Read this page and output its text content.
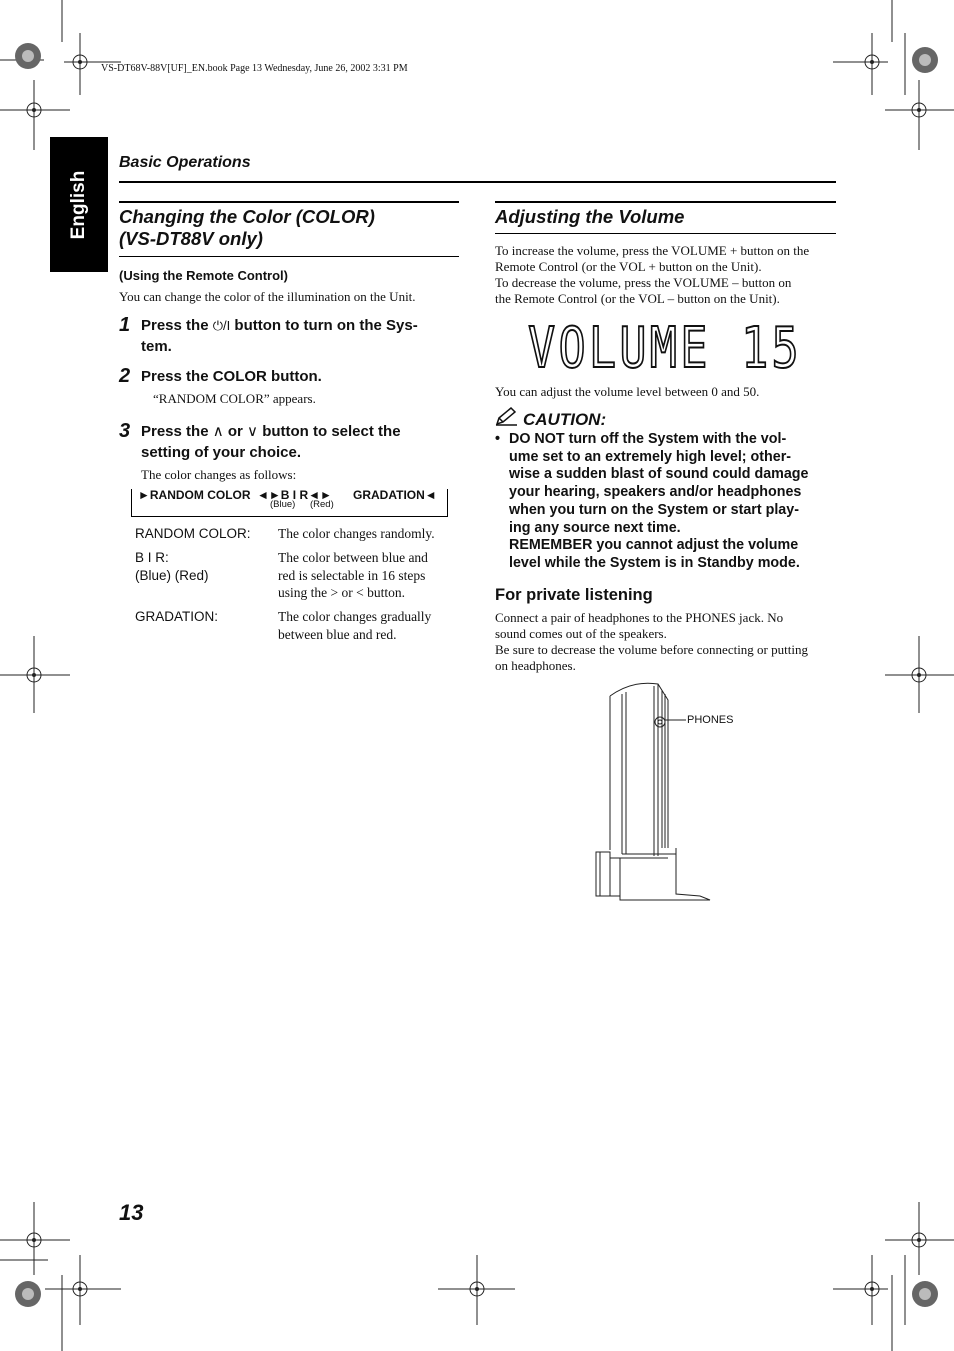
VS-DT68V-88V[UF]_EN.book Page 13 Wednesday, June 26, 2002 3:31 PM
English
Basic Operations
Changing the Color (COLOR)
(VS-DT88V only)
(Using the Remote Control)
You can change the color of the illumination on the Unit.
1 Press the ⏻/I button to turn on the Sys-
tem.
2 Press the COLOR button.
“RANDOM COLOR” appears.
3 Press the ∧ or ∨ button to select the
setting of your choice.
The color changes as follows:
►RANDOM COLOR ◄►B I R◄► GRADATION◄
(Blue) (Red)
RANDOM COLOR: The color changes randomly.
B I R:
(Blue) (Red)
The color between blue and
red is selectable in 16 steps
using the > or < button.
GRADATION:	The color changes gradually
between blue and red.
Adjusting the Volume
To increase the volume, press the VOLUME + button on the
Remote Control (or the VOL + button on the Unit).
To decrease the volume, press the VOLUME – button on
the Remote Control (or the VOL – button on the Unit).
VOLUME 15
You can adjust the volume level between 0 and 50.
CAUTION:
• DO NOT turn off the System with the vol-
ume set to an extremely high level; other-
wise a sudden blast of sound could damage
your hearing, speakers and/or headphones
when you turn on the System or start play-
ing any source next time.
REMEMBER you cannot adjust the volume
level while the System is in Standby mode.
For private listening
Connect a pair of headphones to the PHONES jack. No
sound comes out of the speakers.
Be sure to decrease the volume before connecting or putting
on headphones.
PHONES
13
